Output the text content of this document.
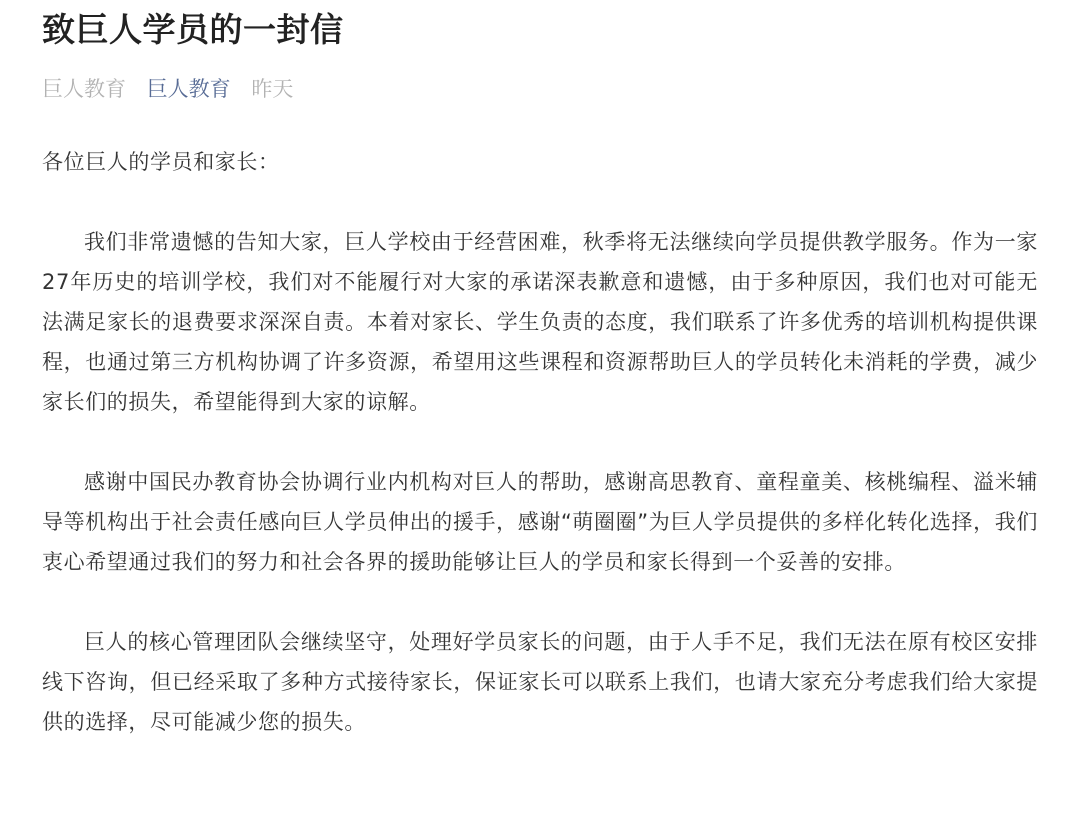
致巨人学员的一封信
巨人教育 巨人教育 昨天

各位巨人的学员和家长：

我们非常遗憾的告知大家，巨人学校由于经营困难，秋季将无法继续向学员提供教学服务。作为一家27年历史的培训学校，我们对不能履行对大家的承诺深表歉意和遗憾，由于多种原因，我们也对可能无法满足家长的退费要求深深自责。本着对家长、学生负责的态度，我们联系了许多优秀的培训机构提供课程，也通过第三方机构协调了许多资源，希望用这些课程和资源帮助巨人的学员转化未消耗的学费，减少家长们的损失，希望能得到大家的谅解。

感谢中国民办教育协会协调行业内机构对巨人的帮助，感谢高思教育、童程童美、核桃编程、溢米辅导等机构出于社会责任感向巨人学员伸出的援手，感谢“萌圈圈”为巨人学员提供的多样化转化选择，我们衷心希望通过我们的努力和社会各界的援助能够让巨人的学员和家长得到一个妥善的安排。

巨人的核心管理团队会继续坚守，处理好学员家长的问题，由于人手不足，我们无法在原有校区安排线下咨询，但已经采取了多种方式接待家长，保证家长可以联系上我们，也请大家充分考虑我们给大家提供的选择，尽可能减少您的损失。
